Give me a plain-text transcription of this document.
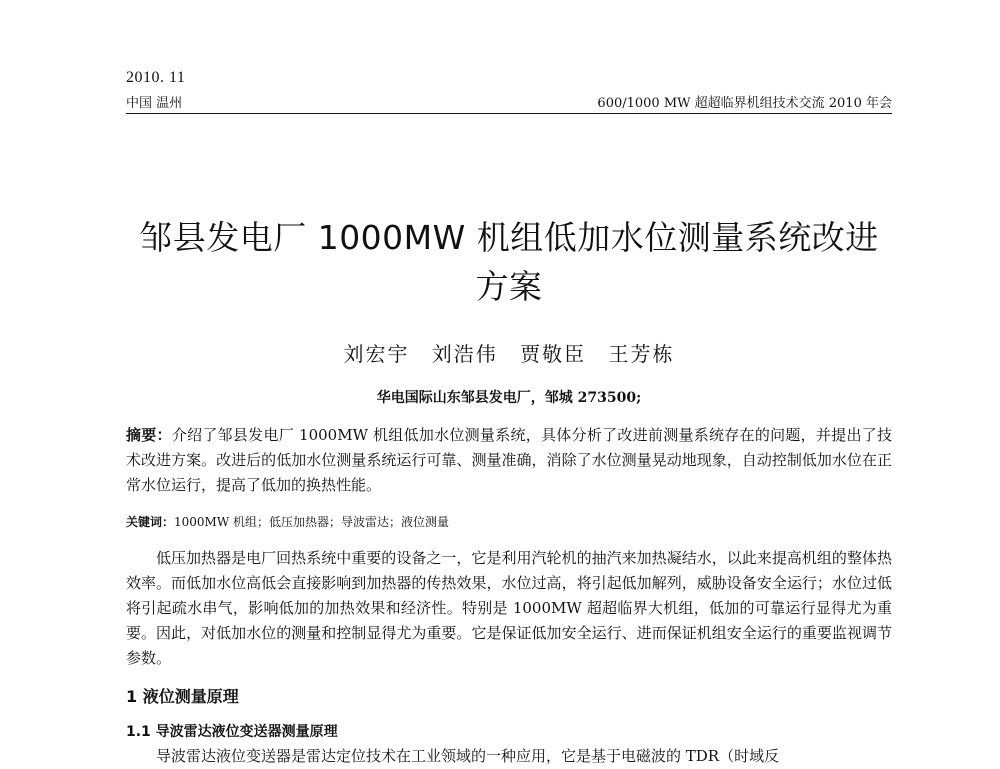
2010. 11
中国 温州	600/1000 MW 超超临界机组技术交流 2010 年会
邹县发电厂 1000MW 机组低加水位测量系统改进方案
刘宏宇 刘浩伟 贾敬臣 王芳栋
华电国际山东邹县发电厂，邹城 273500;
摘要：介绍了邹县发电厂 1000MW 机组低加水位测量系统，具体分析了改进前测量系统存在的问题，并提出了技术改进方案。改进后的低加水位测量系统运行可靠、测量准确，消除了水位测量晃动地现象，自动控制低加水位在正常水位运行，提高了低加的换热性能。
关键词：1000MW 机组；低压加热器；导波雷达；液位测量
低压加热器是电厂回热系统中重要的设备之一，它是利用汽轮机的抽汽来加热凝结水，以此来提高机组的整体热效率。而低加水位高低会直接影响到加热器的传热效果，水位过高，将引起低加解列，威胁设备安全运行；水位过低将引起疏水串气，影响低加的加热效果和经济性。特别是 1000MW 超超临界大机组，低加的可靠运行显得尤为重要。因此，对低加水位的测量和控制显得尤为重要。它是保证低加安全运行、进而保证机组安全运行的重要监视调节参数。
1 液位测量原理
1.1 导波雷达液位变送器测量原理
导波雷达液位变送器是雷达定位技术在工业领域的一种应用，它是基于电磁波的 TDR（时域反
